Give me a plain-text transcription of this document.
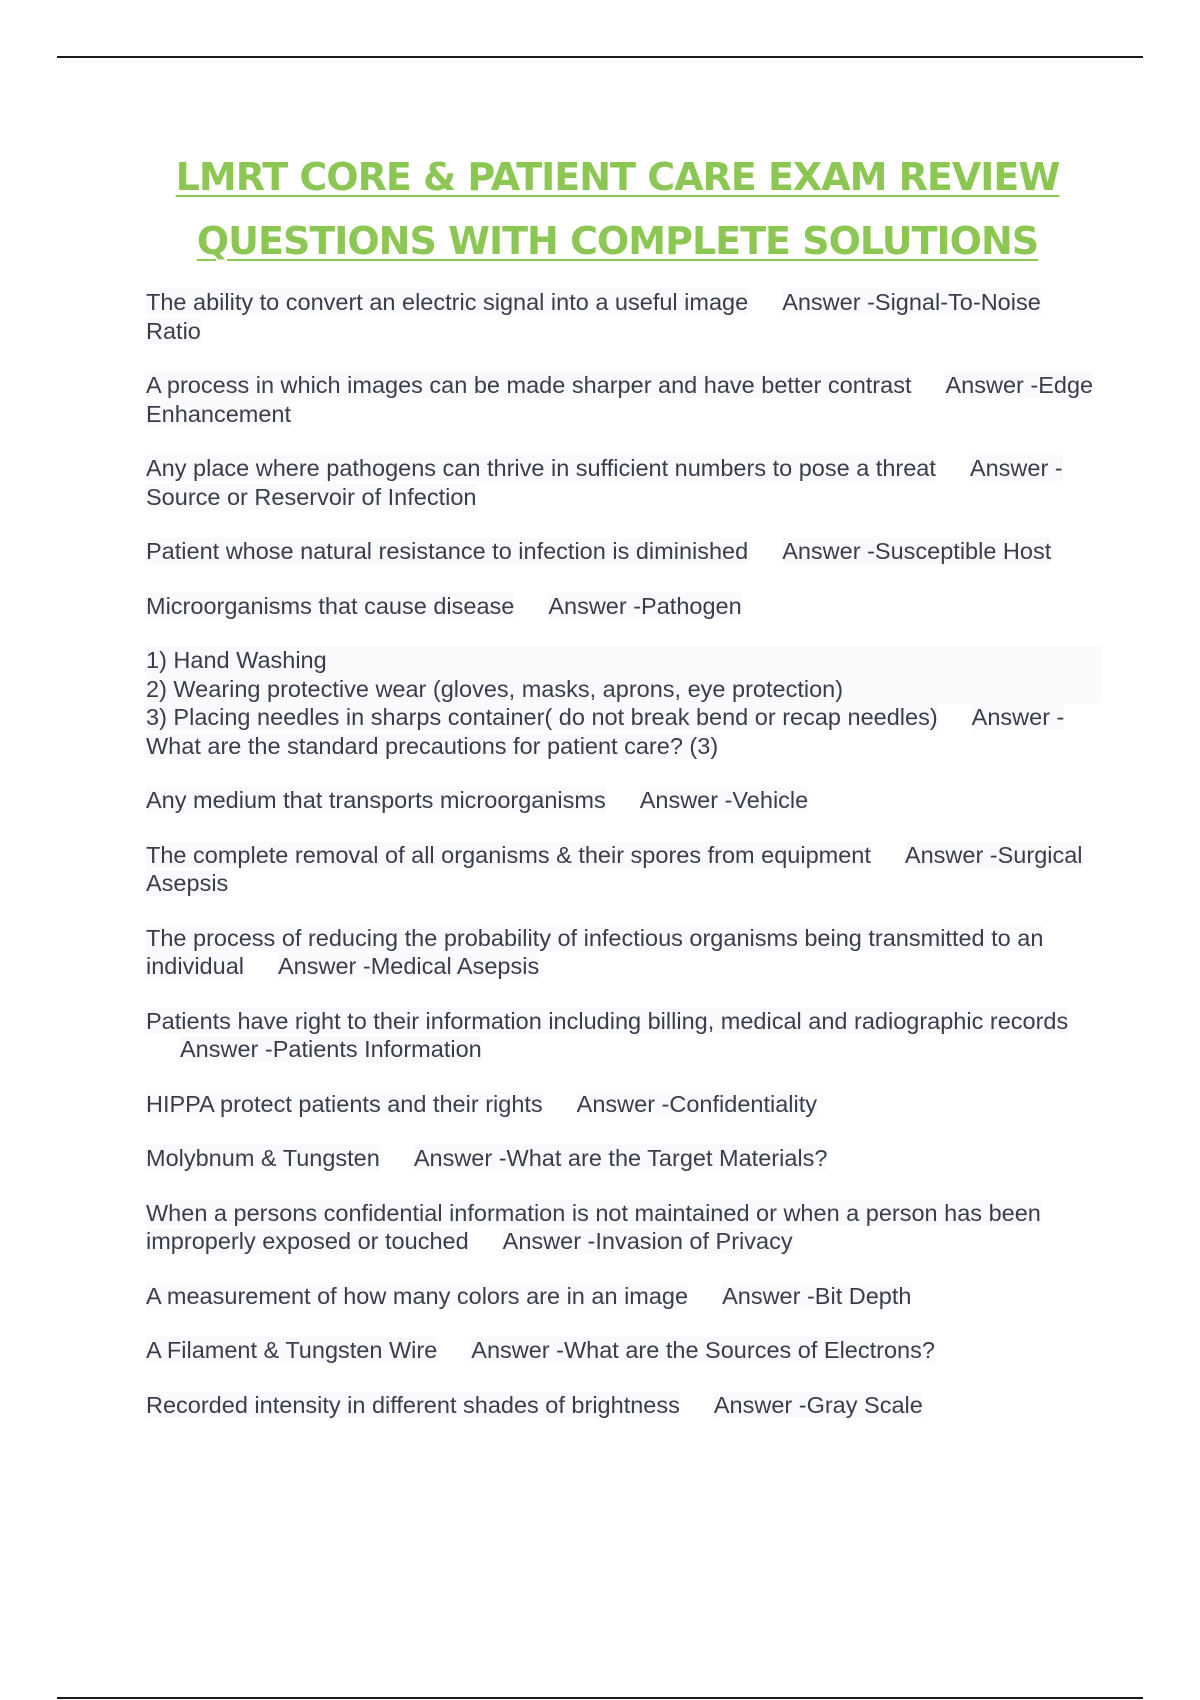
LMRT CORE & PATIENT CARE EXAM REVIEW
QUESTIONS WITH COMPLETE SOLUTIONS
The ability to convert an electric signal into a useful image Answer -Signal-To-Noise Ratio
A process in which images can be made sharper and have better contrast Answer -Edge Enhancement
Any place where pathogens can thrive in sufficient numbers to pose a threat Answer -Source or Reservoir of Infection
Patient whose natural resistance to infection is diminished Answer -Susceptible Host
Microorganisms that cause disease Answer -Pathogen
1) Hand Washing
2) Wearing protective wear (gloves, masks, aprons, eye protection)
3) Placing needles in sharps container( do not break bend or recap needles) Answer -What are the standard precautions for patient care? (3)
Any medium that transports microorganisms Answer -Vehicle
The complete removal of all organisms & their spores from equipment Answer -Surgical Asepsis
The process of reducing the probability of infectious organisms being transmitted to an individual Answer -Medical Asepsis
Patients have right to their information including billing, medical and radiographic recordsAnswer -Patients Information
HIPPA protect patients and their rights Answer -Confidentiality
Molybnum & Tungsten Answer -What are the Target Materials?
When a persons confidential information is not maintained or when a person has been improperly exposed or touched Answer -Invasion of Privacy
A measurement of how many colors are in an image Answer -Bit Depth
A Filament & Tungsten Wire Answer -What are the Sources of Electrons?
Recorded intensity in different shades of brightness Answer -Gray Scale
